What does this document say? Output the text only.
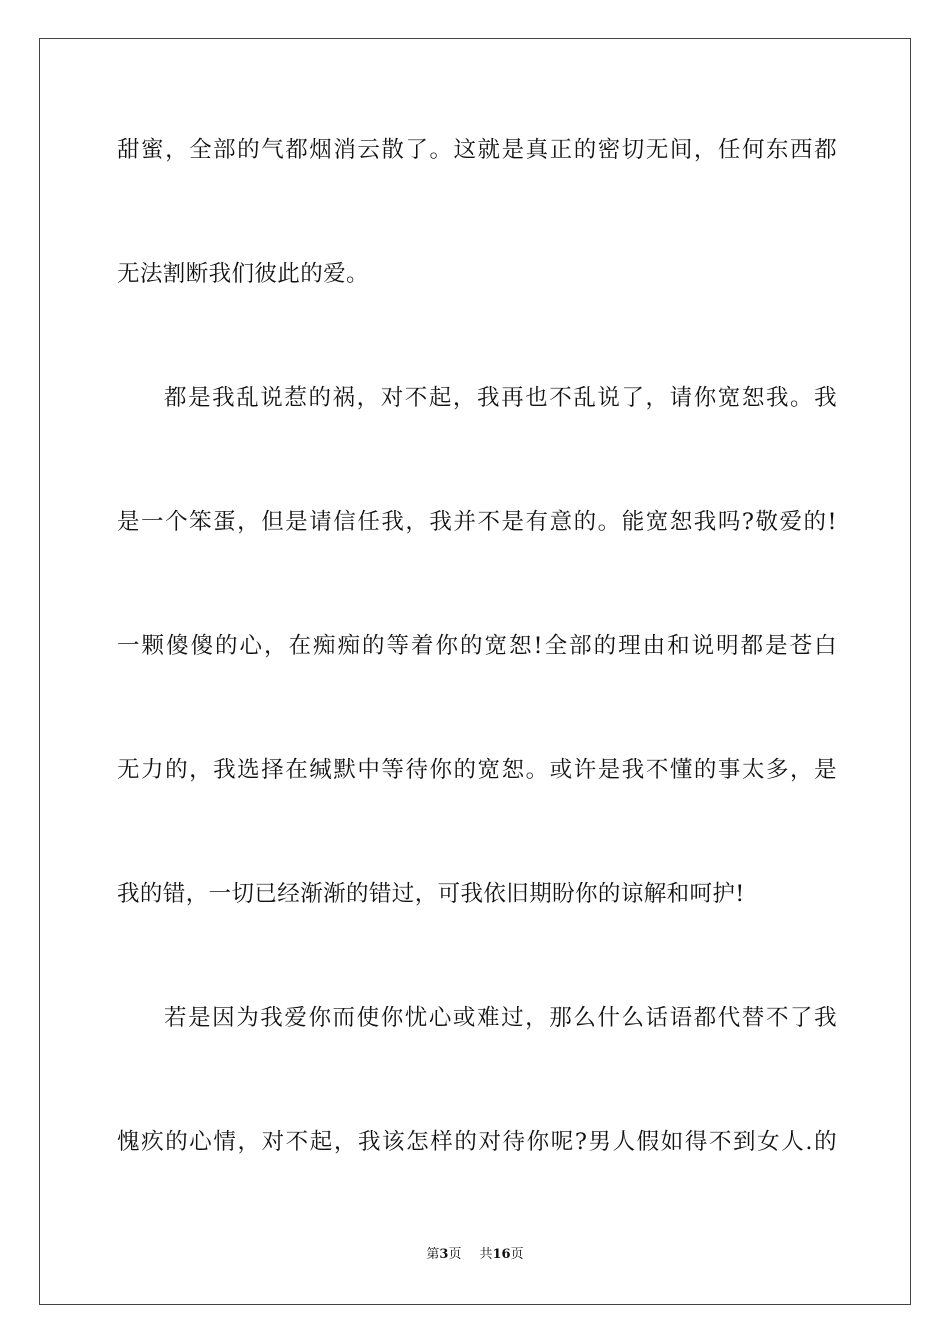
甜蜜，全部的气都烟消云散了。这就是真正的密切无间，任何东西都
无法割断我们彼此的爱。
都是我乱说惹的祸，对不起，我再也不乱说了，请你宽恕我。我
是一个笨蛋，但是请信任我，我并不是有意的。能宽恕我吗?敬爱的!
一颗傻傻的心，在痴痴的等着你的宽恕!全部的理由和说明都是苍白
无力的，我选择在缄默中等待你的宽恕。或许是我不懂的事太多，是
我的错，一切已经渐渐的错过，可我依旧期盼你的谅解和呵护!
若是因为我爱你而使你忧心或难过，那么什么话语都代替不了我
愧疚的心情，对不起，我该怎样的对待你呢?男人假如得不到女人.的
第3页 共16页
